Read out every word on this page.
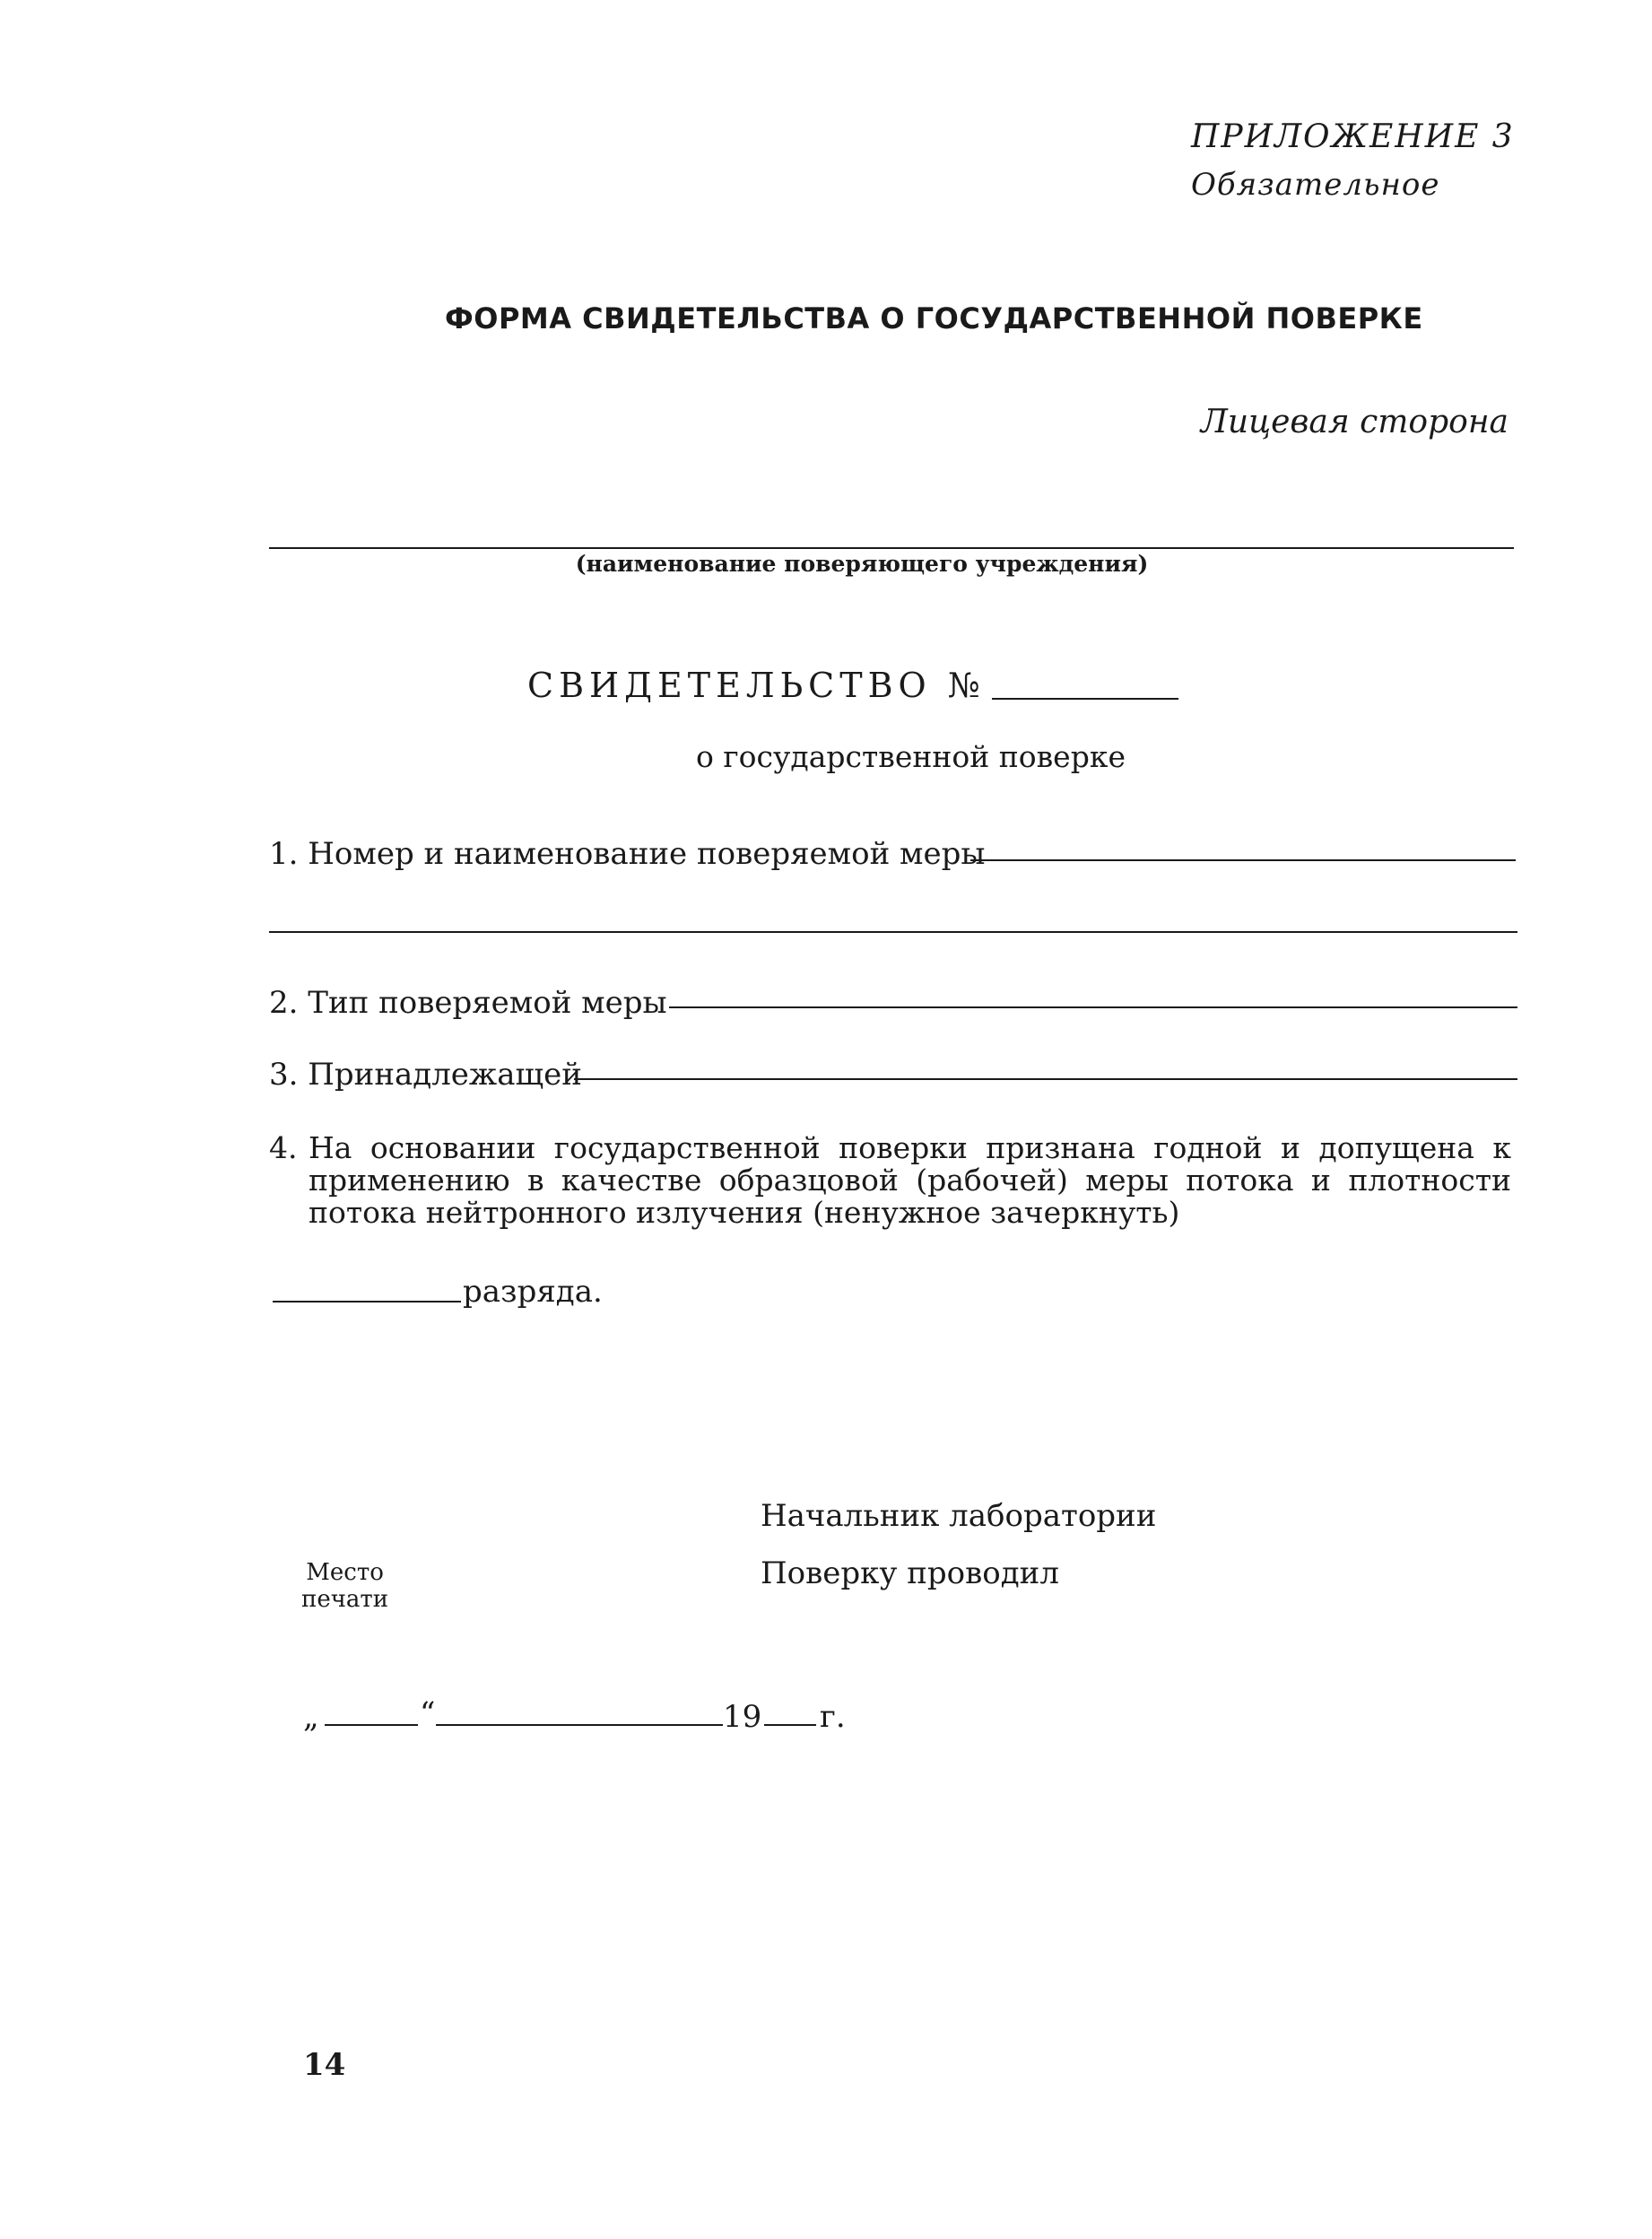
ПРИЛОЖЕНИЕ 3
Обязательное
ФОРМА СВИДЕТЕЛЬСТВА О ГОСУДАРСТВЕННОЙ ПОВЕРКЕ
Лицевая сторона
(наименование поверяющего учреждения)
СВИДЕТЕЛЬСТВО №
о государственной поверке
1. Номер и наименование поверяемой меры
2. Тип поверяемой меры
3. Принадлежащей
4. На основании государственной поверки признана годной и допущена к применению в качестве образцовой (рабочей) меры потока и плотности потока нейтронного излучения (ненужное зачеркнуть)
разряда.
Начальник лаборатории
Поверку проводил
Место
печати
„	“	19 г.
14
